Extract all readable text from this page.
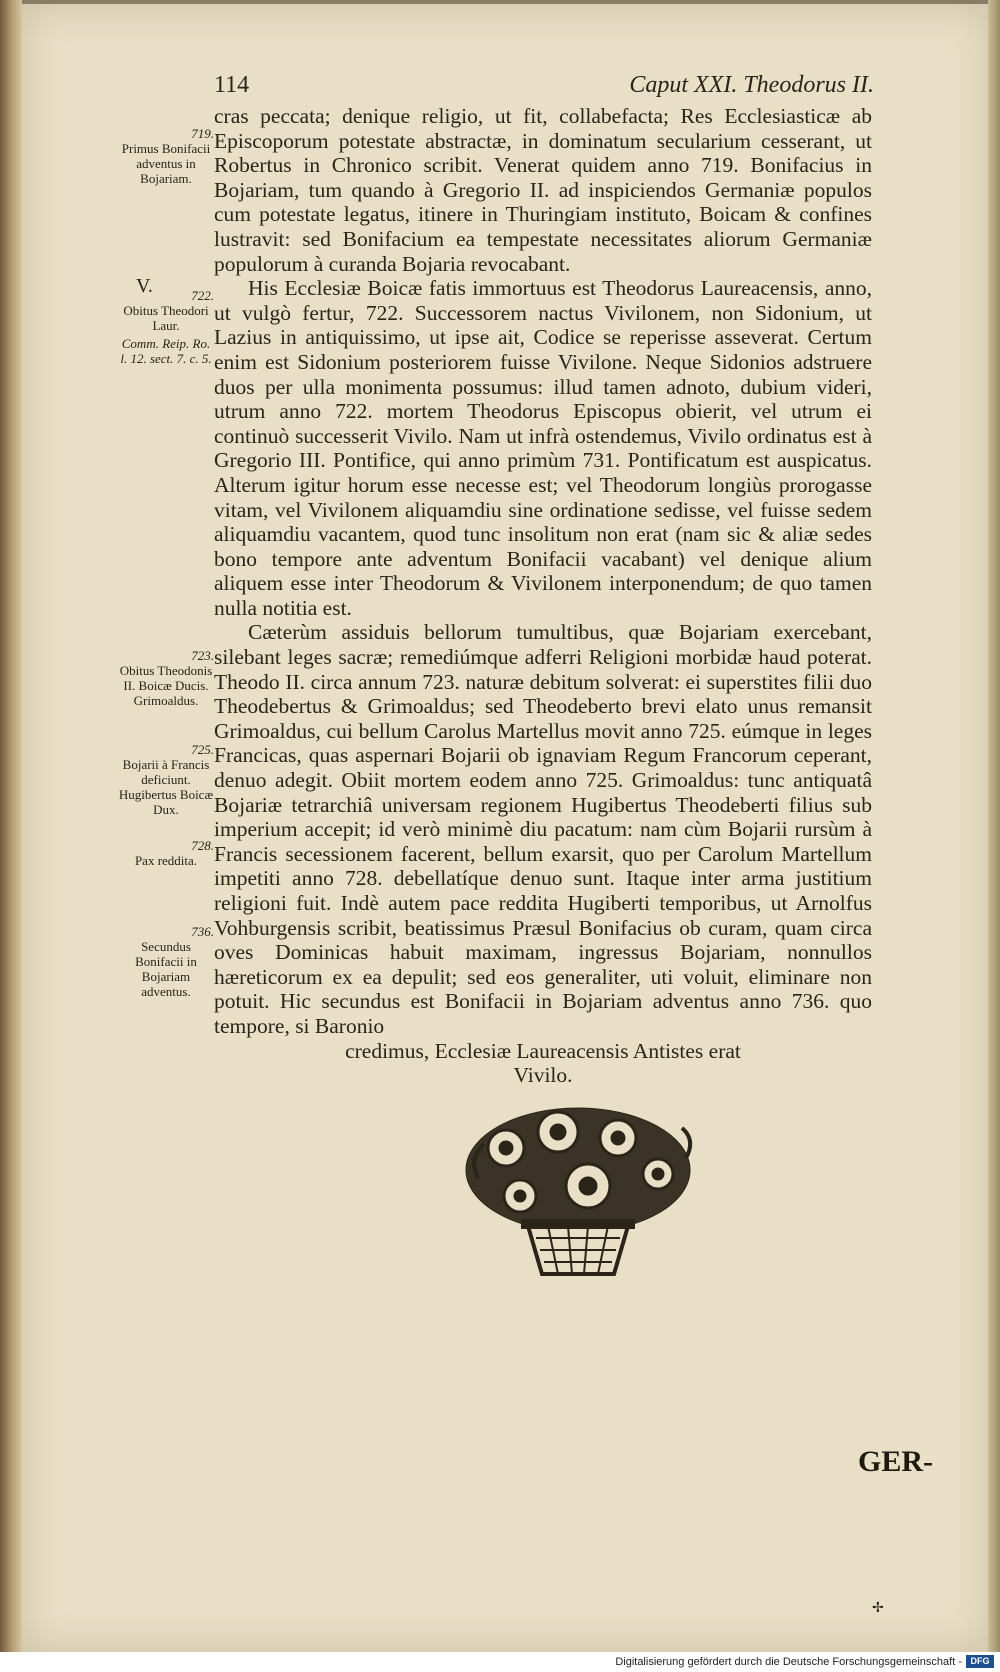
114	Caput XXI. Theodorus II.
719.
Primus Bonifacii adventus in Bojariam.
722.
Obitus Theodori Laur.
Comm. Reip. Ro. l. 12. sect. 7. c. 5.
723.
Obitus Theodonis II. Boicæ Ducis. Grimoaldus.
725.
Bojarii à Francis deficiunt. Hugibertus Boicæ Dux.
728.
Pax reddita.
736.
Secundus Bonifacii in Bojariam adventus.

cras peccata; denique religio, ut fit, collabefacta; Res Ecclesiasticæ ab Episcoporum potestate abstractæ, in dominatum secularium cesserant, ut Robertus in Chronico scribit. Venerat quidem anno 719. Bonifacius in Bojariam, tum quando à Gregorio II. ad inspiciendos Germaniæ populos cum potestate legatus, itinere in Thuringiam instituto, Boicam & confines lustravit: sed Bonifacium ea tempestate necessitates aliorum Germaniæ populorum à curanda Bojaria revocabant.

V.	His Ecclesiæ Boicæ fatis immortuus est Theodorus Laureacensis, anno, ut vulgò fertur, 722. Successorem nactus Vivilonem, non Sidonium, ut Lazius in antiquissimo, ut ipse ait, Codice se reperisse asseverat. Certum enim est Sidonium posteriorem fuisse Vivilone. Neque Sidonios adstruere duos per ulla monimenta possumus: illud tamen adnoto, dubium videri, utrum anno 722. mortem Theodorus Episcopus obierit, vel utrum ei continuò successerit Vivilo. Nam ut infrà ostendemus, Vivilo ordinatus est à Gregorio III. Pontifice, qui anno primùm 731. Pontificatum est auspicatus. Alterum igitur horum esse necesse est; vel Theodorum longiùs prorogasse vitam, vel Vivilonem aliquamdiu sine ordinatione sedisse, vel fuisse sedem aliquamdiu vacantem, quod tunc insolitum non erat (nam sic & aliæ sedes bono tempore ante adventum Bonifacii vacabant) vel denique alium aliquem esse inter Theodorum & Vivilonem interponendum; de quo tamen nulla notitia est.

Cæterùm assiduis bellorum tumultibus, quæ Bojariam exercebant, silebant leges sacræ; remediúmque adferri Religioni morbidæ haud poterat. Theodo II. circa annum 723. naturæ debitum solverat: ei superstites filii duo Theodebertus & Grimoaldus; sed Theodeberto brevi elato unus remansit Grimoaldus, cui bellum Carolus Martellus movit anno 725. eúmque in leges Francicas, quas aspernari Bojarii ob ignaviam Regum Francorum ceperant, denuo adegit. Obiit mortem eodem anno 725. Grimoaldus: tunc antiquatâ Bojariæ tetrarchiâ universam regionem Hugibertus Theodeberti filius sub imperium accepit; id verò minimè diu pacatum: nam cùm Bojarii rursùm à Francis secessionem facerent, bellum exarsit, quo per Carolum Martellum impetiti anno 728. debellatíque denuo sunt. Itaque inter arma justitium religioni fuit. Indè autem pace reddita Hugiberti temporibus, ut Arnolfus Vohburgensis scribit, beatissimus Præsul Bonifacius ob curam, quam circa oves Dominicas habuit maximam, ingressus Bojariam, nonnullos hæreticorum ex ea depulit; sed eos generaliter, uti voluit, eliminare non potuit. Hic secundus est Bonifacii in Bojariam adventus anno 736. quo tempore, si Baronio

credimus, Ecclesiæ Laureacensis Antistes erat

Vivilo.

GER-
✢
Digitalisierung gefördert durch die Deutsche Forschungsgemeinschaft - DFG
